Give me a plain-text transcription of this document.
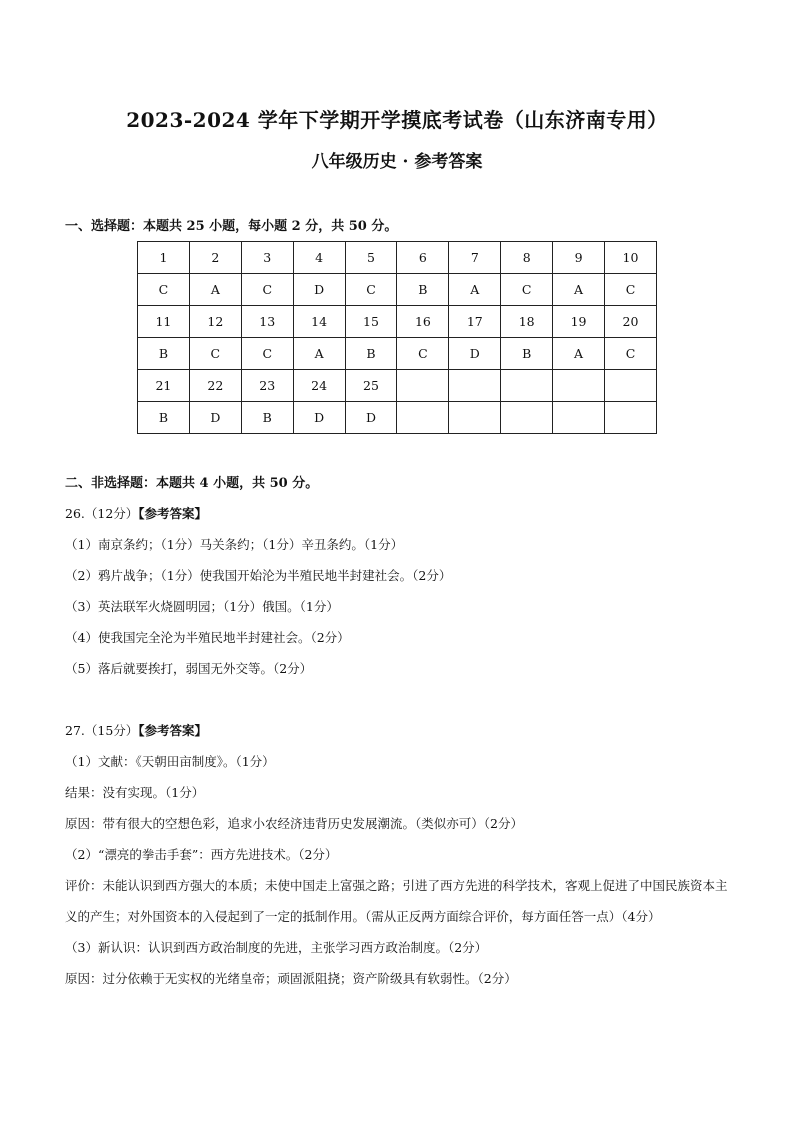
2023-2024 学年下学期开学摸底考试卷（山东济南专用）
八年级历史 · 参考答案
一、选择题：本题共 25 小题，每小题 2 分，共 50 分。
1	2	3	4	5	6	7	8	9	10
C	A	C	D	C	B	A	C	A	C
11	12	13	14	15	16	17	18	19	20
B	C	C	A	B	C	D	B	A	C
21	22	23	24	25					
B	D	B	D	D					
二、非选择题：本题共 4 小题，共 50 分。
26.（12分）【参考答案】
（1）南京条约；（1分）马关条约；（1分）辛丑条约。（1分）
（2）鸦片战争；（1分）使我国开始沦为半殖民地半封建社会。（2分）
（3）英法联军火烧圆明园；（1分）俄国。（1分）
（4）使我国完全沦为半殖民地半封建社会。（2分）
（5）落后就要挨打，弱国无外交等。（2分）
27.（15分）【参考答案】
（1）文献：《天朝田亩制度》。（1分）
结果：没有实现。（1分）
原因：带有很大的空想色彩，追求小农经济违背历史发展潮流。（类似亦可）（2分）
（2）“漂亮的拳击手套”：西方先进技术。（2分）
评价：未能认识到西方强大的本质；未使中国走上富强之路；引进了西方先进的科学技术，客观上促进了中国民族资本主义的产生；对外国资本的入侵起到了一定的抵制作用。（需从正反两方面综合评价，每方面任答一点）（4分）
（3）新认识：认识到西方政治制度的先进，主张学习西方政治制度。（2分）
原因：过分依赖于无实权的光绪皇帝；顽固派阻挠；资产阶级具有软弱性。（2分）
